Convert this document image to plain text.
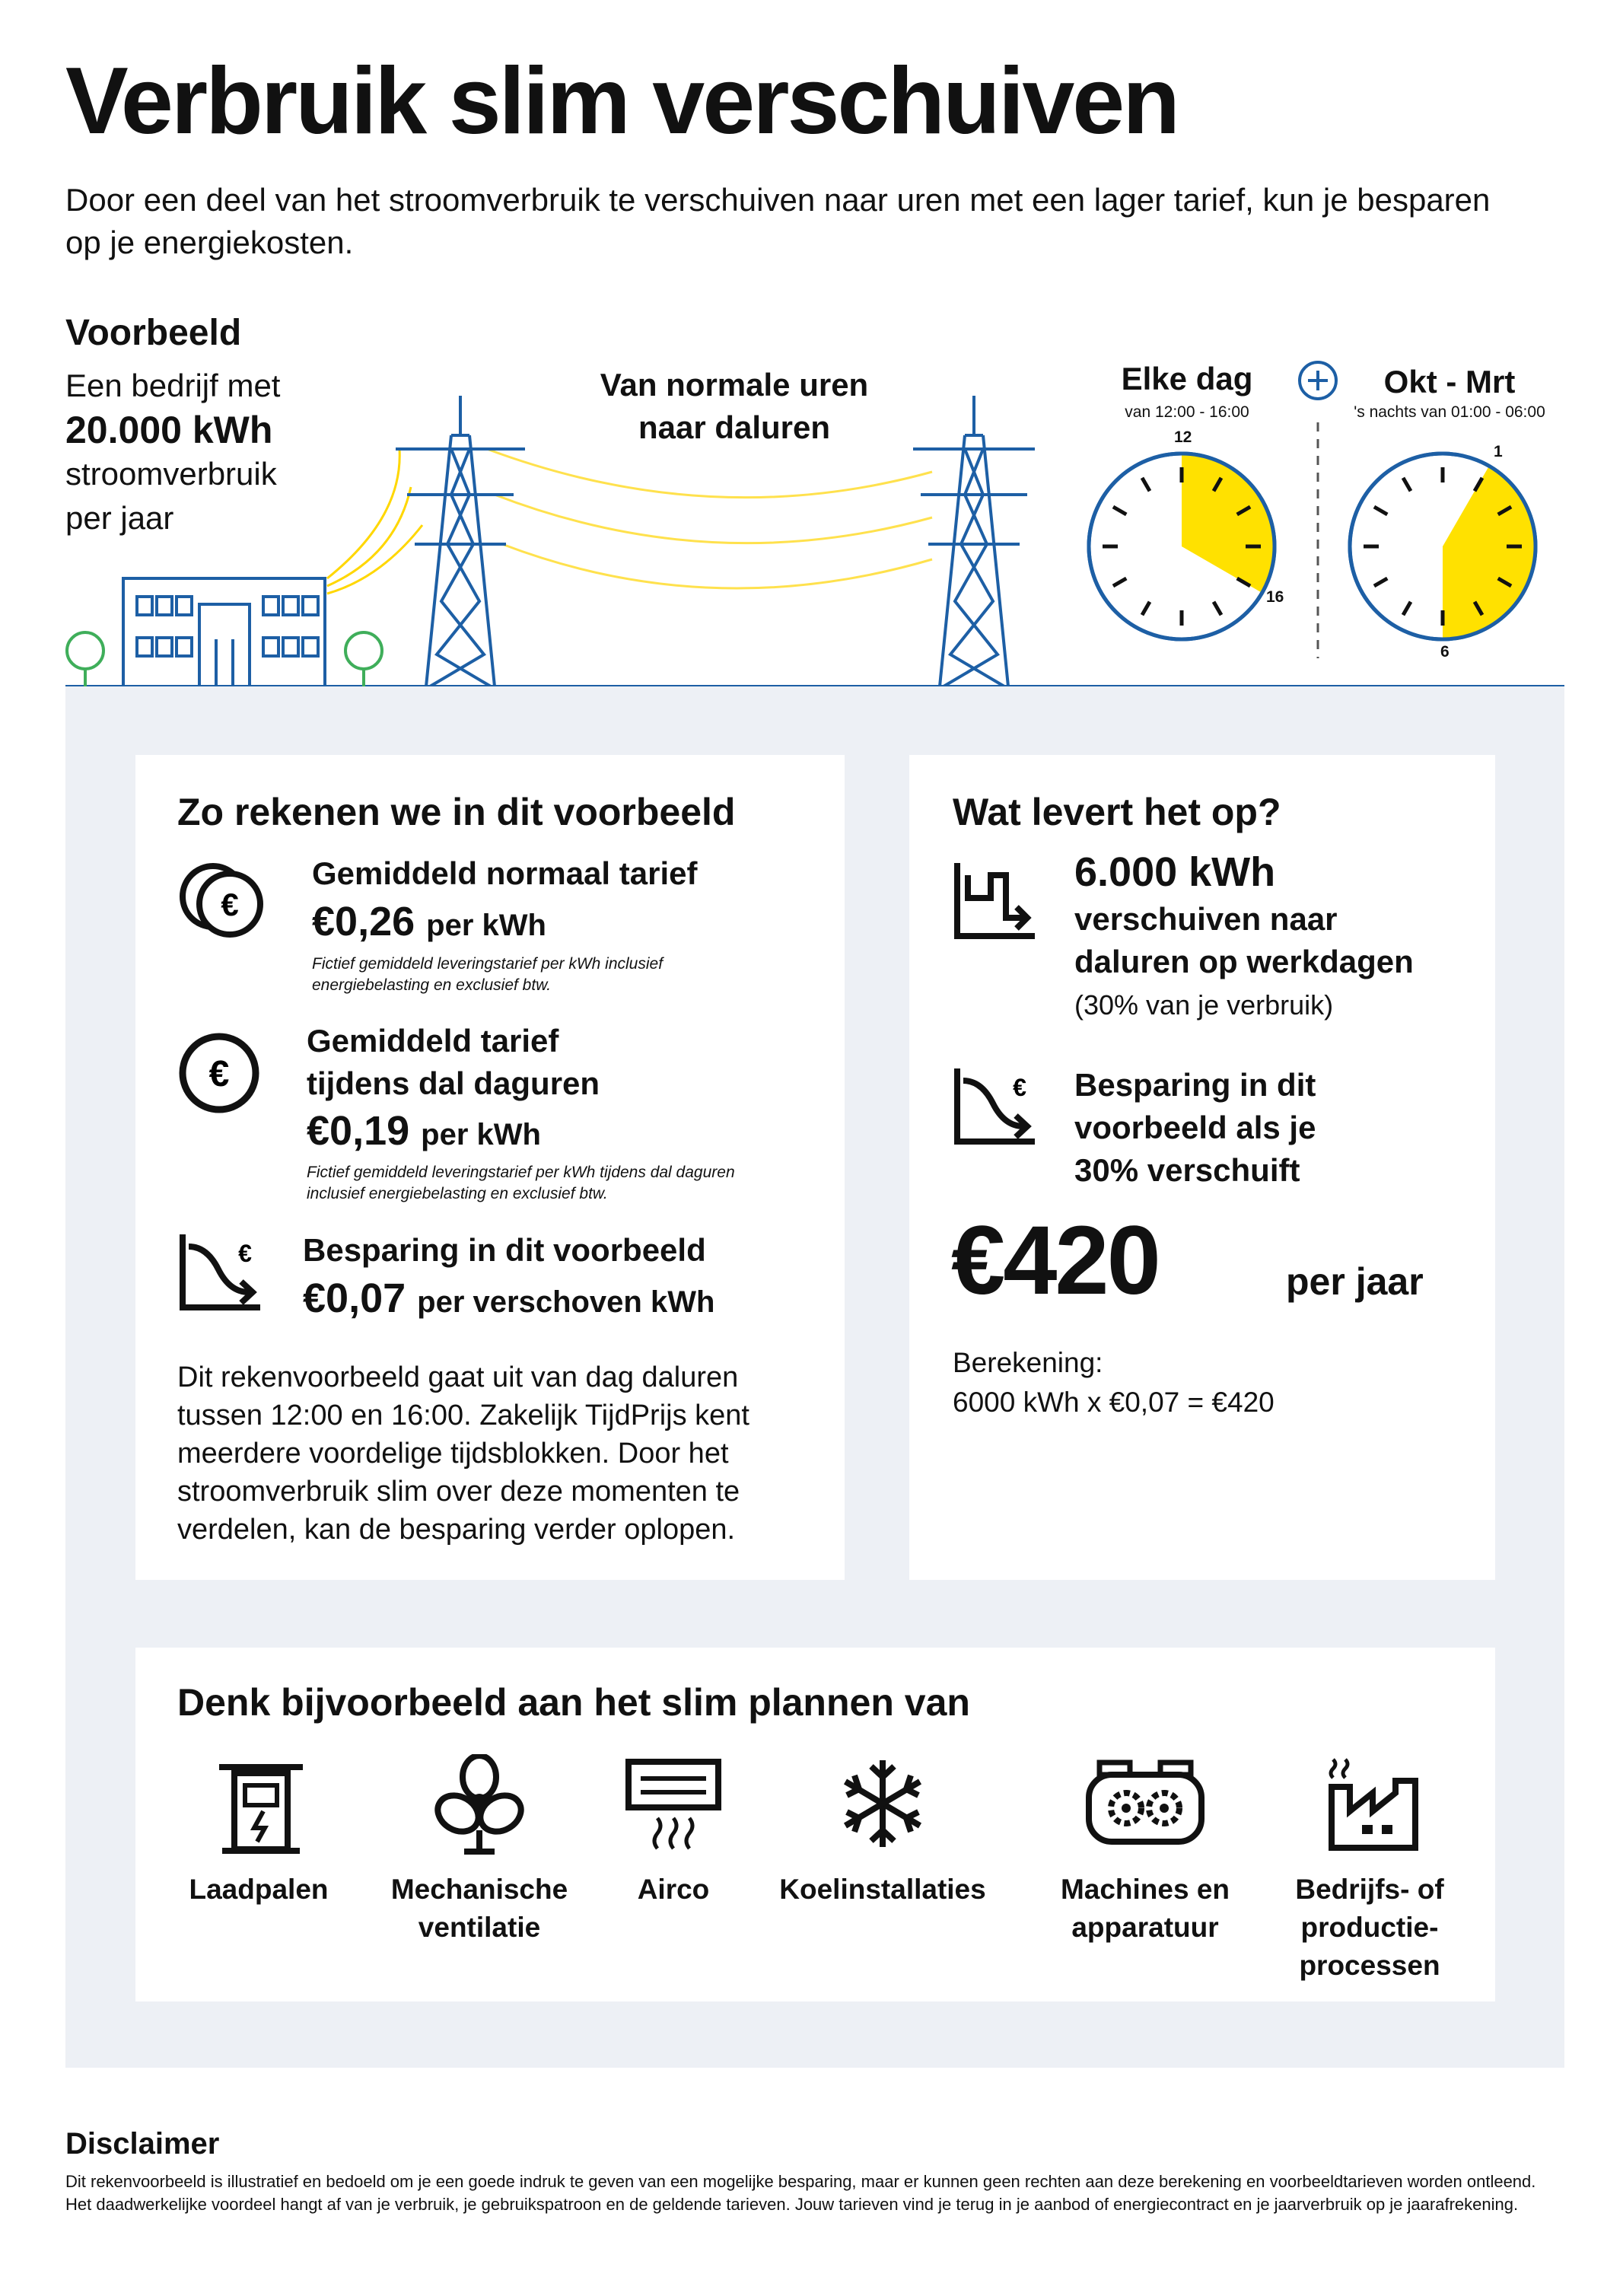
Verbruik slim verschuiven
Door een deel van het stroomverbruik te verschuiven naar uren met een lager tarief, kun je besparen op je energiekosten.
Voorbeeld
Een bedrijf met
20.000 kWh
stroomverbruik
per jaar
Van normale uren
naar daluren
Elke dag
van 12:00 - 16:00
Okt - Mrt
's nachts van 01:00 - 06:00
12
16
1
6
Zo rekenen we in dit voorbeeld
€
Gemiddeld normaal tarief
€0,26 per kWh
Fictief gemiddeld leveringstarief per kWh inclusief energiebelasting en exclusief btw.
€
Gemiddeld tarief
tijdens dal daguren
€0,19 per kWh
Fictief gemiddeld leveringstarief per kWh tijdens dal daguren inclusief energiebelasting en exclusief btw.
€ Besparing in dit voorbeeld
€0,07 per verschoven kWh
Dit rekenvoorbeeld gaat uit van dag daluren tussen 12:00 en 16:00. Zakelijk TijdPrijs kent meerdere voordelige tijdsblokken. Door het stroomverbruik slim over deze momenten te verdelen, kan de besparing verder oplopen.
Wat levert het op?
6.000 kWh
verschuiven naar
daluren op werkdagen
(30% van je verbruik)
€ Besparing in dit
voorbeeld als je
30% verschuift
€420	per jaar
Berekening:
6000 kWh x €0,07 = €420
Denk bijvoorbeeld aan het slim plannen van
Laadpalen	Mechanische
ventilatie
Airco	Koelinstallaties	Machines en
apparatuur
Bedrijfs- of
productie-
processen
Disclaimer
Dit rekenvoorbeeld is illustratief en bedoeld om je een goede indruk te geven van een mogelijke besparing, maar er kunnen geen rechten aan deze berekening en voorbeeldtarieven worden ontleend. Het daadwerkelijke voordeel hangt af van je verbruik, je gebruikspatroon en de geldende tarieven. Jouw tarieven vind je terug in je aanbod of energiecontract en je jaarverbruik op je jaarafrekening.
